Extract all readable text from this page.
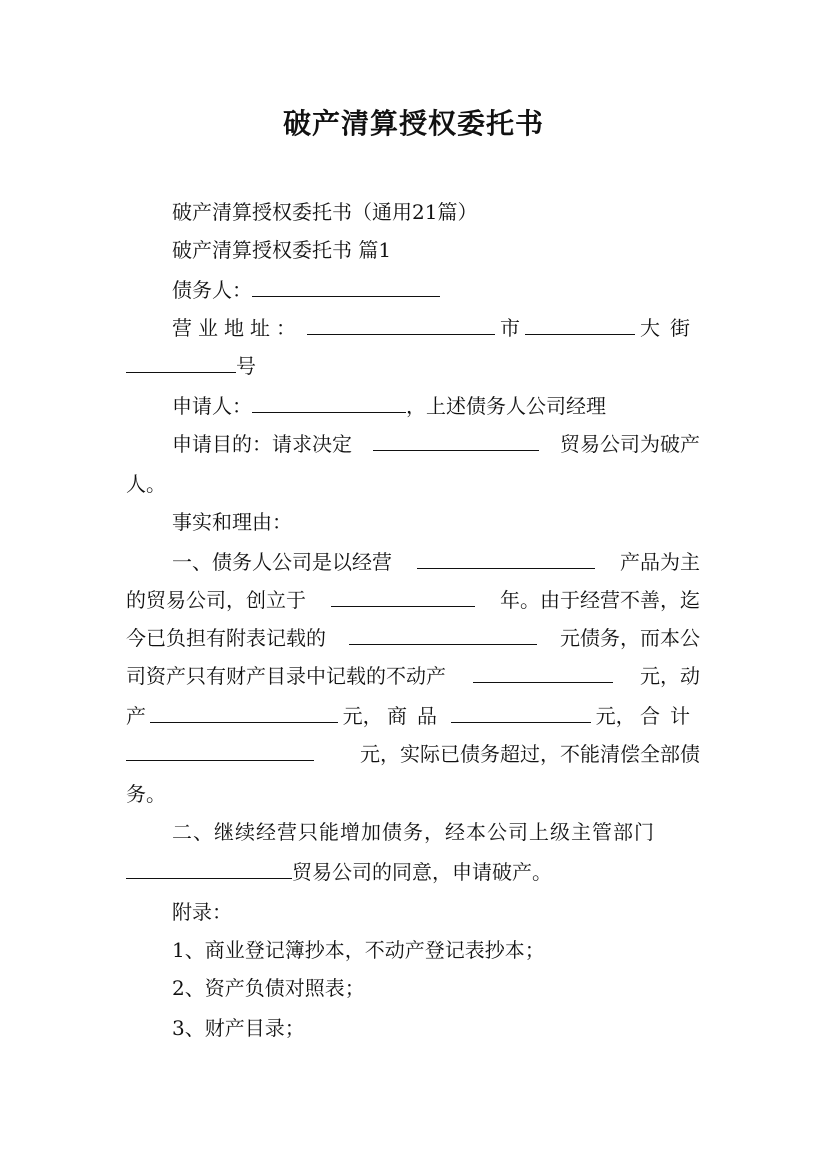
破产清算授权委托书
破产清算授权委托书（通用21篇）
破产清算授权委托书 篇1
债务人：
营业地址：	市	大街
号
申请人：	，上述债务人公司经理
申请目的：请求决定	贸易公司为破产
人。
事实和理由：
一、债务人公司是以经营	产品为主
的贸易公司，创立于	年。由于经营不善，迄
今已负担有附表记载的	元债务，而本公
司资产只有财产目录中记载的不动产	元，动
产	元， 商品	元， 合计
元，实际已债务超过，不能清偿全部债
务。
二、继续经营只能增加债务，经本公司上级主管部门
贸易公司的同意，申请破产。
附录：
1、商业登记簿抄本，不动产登记表抄本；
2、资产负债对照表；
3、财产目录；
